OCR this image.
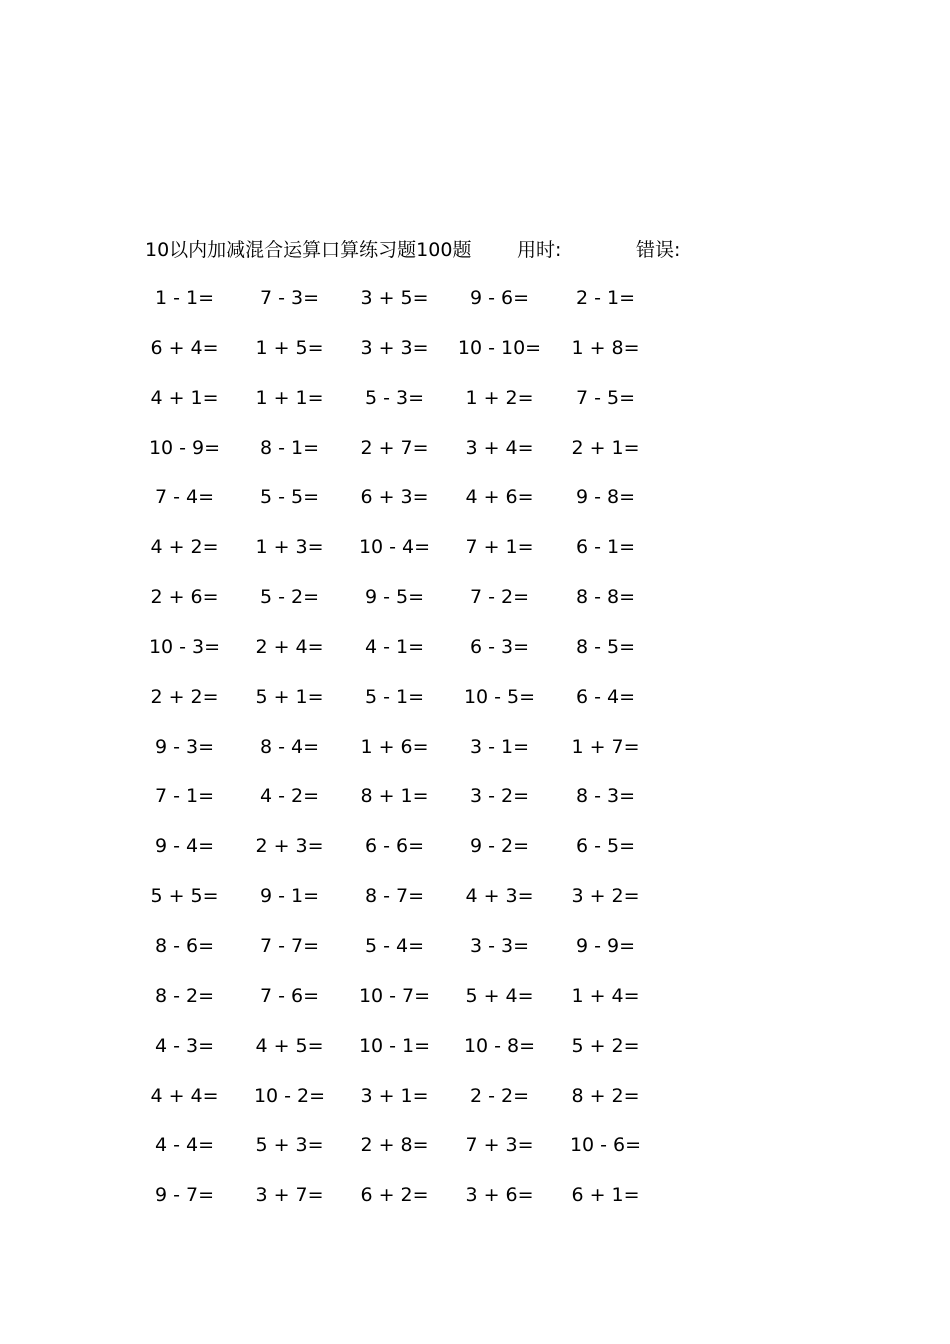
10以内加减混合运算口算练习题100题 用时:	错误:
1 - 1=	7 - 3=	3 + 5=	9 - 6=	2 - 1=
6 + 4=	1 + 5=	3 + 3=	10 - 10=	1 + 8=
4 + 1=	1 + 1=	5 - 3=	1 + 2=	7 - 5=
10 - 9=	8 - 1=	2 + 7=	3 + 4=	2 + 1=
7 - 4=	5 - 5=	6 + 3=	4 + 6=	9 - 8=
4 + 2=	1 + 3=	10 - 4=	7 + 1=	6 - 1=
2 + 6=	5 - 2=	9 - 5=	7 - 2=	8 - 8=
10 - 3=	2 + 4=	4 - 1=	6 - 3=	8 - 5=
2 + 2=	5 + 1=	5 - 1=	10 - 5=	6 - 4=
9 - 3=	8 - 4=	1 + 6=	3 - 1=	1 + 7=
7 - 1=	4 - 2=	8 + 1=	3 - 2=	8 - 3=
9 - 4=	2 + 3=	6 - 6=	9 - 2=	6 - 5=
5 + 5=	9 - 1=	8 - 7=	4 + 3=	3 + 2=
8 - 6=	7 - 7=	5 - 4=	3 - 3=	9 - 9=
8 - 2=	7 - 6=	10 - 7=	5 + 4=	1 + 4=
4 - 3=	4 + 5=	10 - 1=	10 - 8=	5 + 2=
4 + 4=	10 - 2=	3 + 1=	2 - 2=	8 + 2=
4 - 4=	5 + 3=	2 + 8=	7 + 3=	10 - 6=
9 - 7=	3 + 7=	6 + 2=	3 + 6=	6 + 1=
